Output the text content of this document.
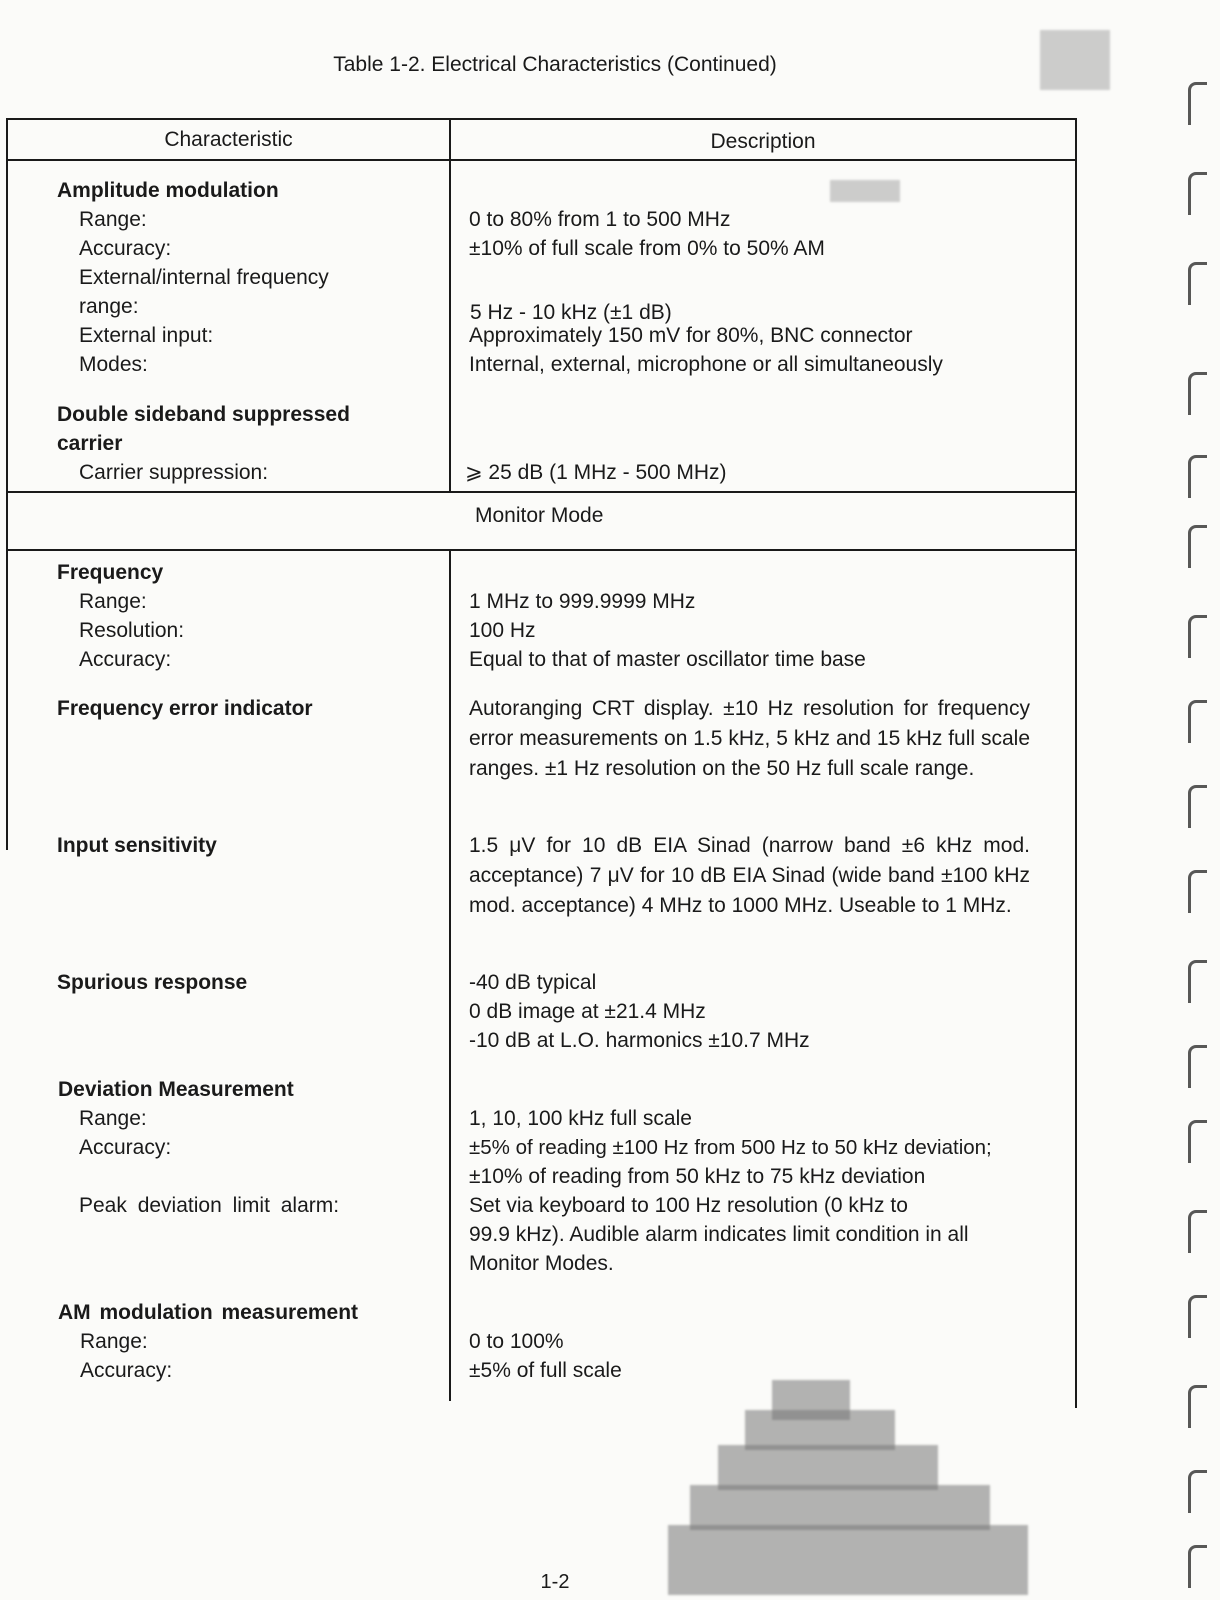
Table 1-2. Electrical Characteristics (Continued)
Characteristic	Description
Amplitude modulation
Range:	0 to 80% from 1 to 500 MHz
Accuracy:	±10% of full scale from 0% to 50% AM
External/internal frequency
range:	5 Hz - 10 kHz (±1 dB)
External input:	Approximately 150 mV for 80%, BNC connector
Modes:	Internal, external, microphone or all simultaneously
Double sideband suppressed
carrier
Carrier suppression:	⩾ 25 dB (1 MHz - 500 MHz)
Monitor Mode
Frequency
Range:	1 MHz to 999.9999 MHz
Resolution:	100 Hz
Accuracy:	Equal to that of master oscillator time base
Frequency error indicator	Autoranging CRT display. ±10 Hz resolution for frequency error measurements on 1.5 kHz, 5 kHz and 15 kHz full scale ranges. ±1 Hz resolution on the 50 Hz full scale range.
Input sensitivity	1.5 μV for 10 dB EIA Sinad (narrow band ±6 kHz mod. acceptance) 7 μV for 10 dB EIA Sinad (wide band ±100 kHz mod. acceptance) 4 MHz to 1000 MHz. Useable to 1 MHz.
Spurious response	-40 dB typical
0 dB image at ±21.4 MHz
-10 dB at L.O. harmonics ±10.7 MHz
Deviation Measurement
Range:	1, 10, 100 kHz full scale
Accuracy:	±5% of reading ±100 Hz from 500 Hz to 50 kHz deviation;
±10% of reading from 50 kHz to 75 kHz deviation
Peak deviation limit alarm:	Set via keyboard to 100 Hz resolution (0 kHz to
99.9 kHz). Audible alarm indicates limit condition in all
Monitor Modes.
AM modulation measurement
Range:	0 to 100%
Accuracy:	±5% of full scale
1-2
